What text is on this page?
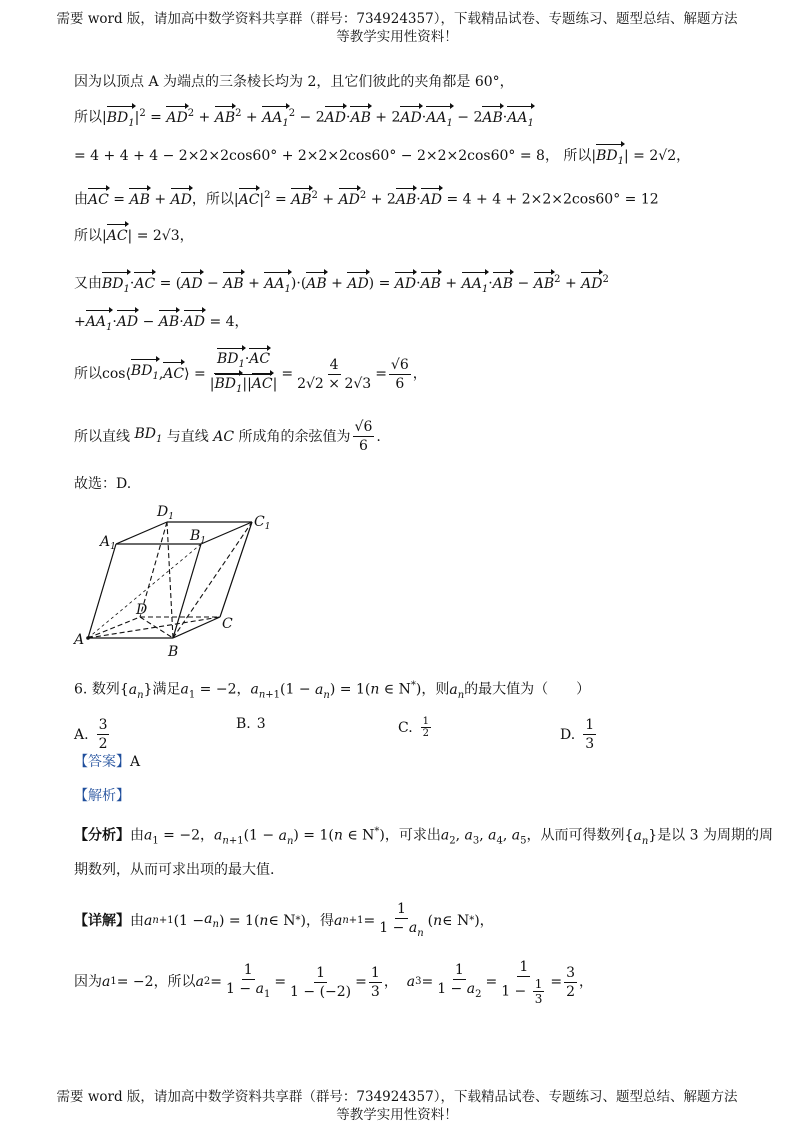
需要 word 版，请加高中数学资料共享群（群号：734924357），下载精品试卷、专题练习、题型总结、解题方法
等教学实用性资料！
因为以顶点 A 为端点的三条棱长均为 2，且它们彼此的夹角都是 60°，
所以$|BD_1|^2 = AD^2 + AB^2 + AA_1^2 - 2AD\cdot AB + 2AD\cdot AA_1 - 2AB\cdot AA_1$
= 4 + 4 + 4 − 2×2×2cos60° + 2×2×2cos60° − 2×2×2cos60° = 8， 所以$|BD_1| = 2√2$，
由AC = AB + AD，所以$|AC|^2 = AB^2 + AD^2 + 2AB\cdot AD = 4 + 4 + 2\times 2\times 2\cos 60^\circ = 12$
所以|AC| = 2√3，
又由$BD_1\cdot AC = (AD$ − AB + $AA_1)\cdot(AB + AD) = AD\cdot AB + AA_1\cdot AB - AB^2 + AD^2$
$+AA_1\cdot AD - AB\cdot AD = 4$，
所以 cos⟨ $BD_1$ , AC ⟩ = $\frac{BD_1\cdot AC}{|BD_1||AC|} = \frac{4}{2√2 \times 2√3} = \frac{√6}{6}$ ，
所以直线
$BD_1$
与直线
AC
所成角的余弦值为 $\frac{√6}{6}$ .
故选：D.
$D_1$	$C_1$
$A_1$
$B_1$
D
C
A
B
6. 数列$\{a_n\}$满足$a_1 = -2$，$a_{n+1}(1 - a_n) = 1(n$ ∈ N*)，则$a_n$的最大值为（　　）
A. $\frac{3}{2}$	B. 3	C. $\frac{1}{2}$	D. $\frac{1}{3}$
【答案】A
【解析】
【分析】由$a_1 = -2$，$a_{n+1}(1 - a_n) = 1(n$ ∈ N*)，可求出$a_2$, $a_3$, $a_4$, $a_5$，从而可得数列$\{a_n\}$是以 3 为周期的周
期数列，从而可求出项的最大值.
【详解】 由 a n+1 ($1 - a_n$ ) = 1( n ∈ N * ) ，得 a $n+1 = \frac{1}{1 - a_n}$ ( n ∈ N * )，
因为 a 1 = −2 ，所以 a $2 = \frac{1}{1 - a_1} = \frac{1}{1 - (-2)} = \frac{1}{3}$ ， a $3 = \frac{1}{1 - a_2} = \frac{1}{1 - \frac{1}{3}} = \frac{3}{2}$ ，
需要 word 版，请加高中数学资料共享群（群号：734924357），下载精品试卷、专题练习、题型总结、解题方法
等教学实用性资料！
